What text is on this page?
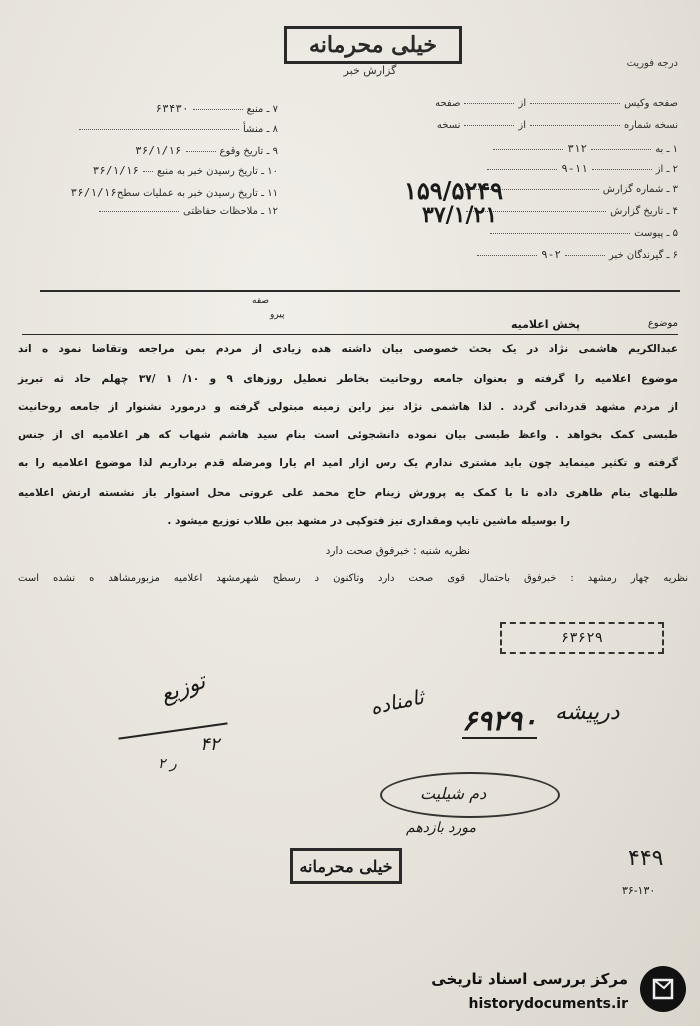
خیلی محرمانه
گزارش خبر
درجه فوریت
صفحه وکیسازصفحه
نسخه شمارهازنسخه
۱ ـ به۳۱۲
۲ ـ از۹-۱۱
۳ ـ شماره گزارش
۴ ـ تاریخ گزارش
۵ ـ پیوست
۶ ـ گیرندگان خبر۹-۲
۷ ـ منبع۶۳۴۳۰
۸ ـ منشأ
۹ ـ تاریخ وقوع۳۶/۱/۱۶
۱۰ ـ تاریخ رسیدن خبر به منبع۳۶/۱/۱۶
۱۱ ـ تاریخ رسیدن خبر به عملیات سطح۳۶/۱/۱۶
۱۲ ـ ملاحظات حفاظتی
۱۵۹/۵۲۴۹
۳۷/۱/۲۱
صفه
پیرو
موضوع
پخش اعلامیه
عبدالکریم هاشمی نژاد در یک بحث خصوصی بیان داشته هده زیادی از مردم بمن مراجعه وتقاضا نمود ه اند
موضوع اعلامیه را گرفته و بعنوان جامعه روحانیت بخاطر تعطیل روزهای ۹ و ۱۰/ ۱ /۳۷ چهلم حاد ثه تبریز
از مردم مشهد قدردانی گردد . لذا هاشمی نژاد نیز راین زمینه مبتولی گرفته و درمورد نشنوار از جامعه روحانیت
طبسی کمک بخواهد . واعظ طبسی بیان نموده دانشجوئی است بنام سید هاشم شهاب که هر اعلامیه ای از جنس
گرفته و تکثیر مینماید چون باید مشتری ندارم یک رس ازار امید ام یارا ومرضله قدم برداریم لذا موضوع اعلامیه را به
طلبهای بنام طاهری داده تا با کمک یه پرورش زینام حاج محمد علی عروتی محل استوار باز نشسته ارتش اعلامیه
را بوسیله ماشین تایپ ومقداری نیز فتوکپی در مشهد بین طلاب توزیع میشود .
نظریه شنبه : خبرفوق صحت دارد
نظریه چهار رمشهد : خبرفوق باحتمال قوی صحت دارد وتاکنون د رسطح شهرمشهد اعلامیه مزبورمشاهد ه نشده است
۶۳۶۲۹
درپیشه
۶۹۲۹۰
ثامناده
توزیع
۴۲
ر ۲
دم شیلیت
مورد بازدهم
خیلی محرمانه	۴۴۹
۳۶-۱۳۰
مرکز بررسی اسناد تاریخی
historydocuments.ir
